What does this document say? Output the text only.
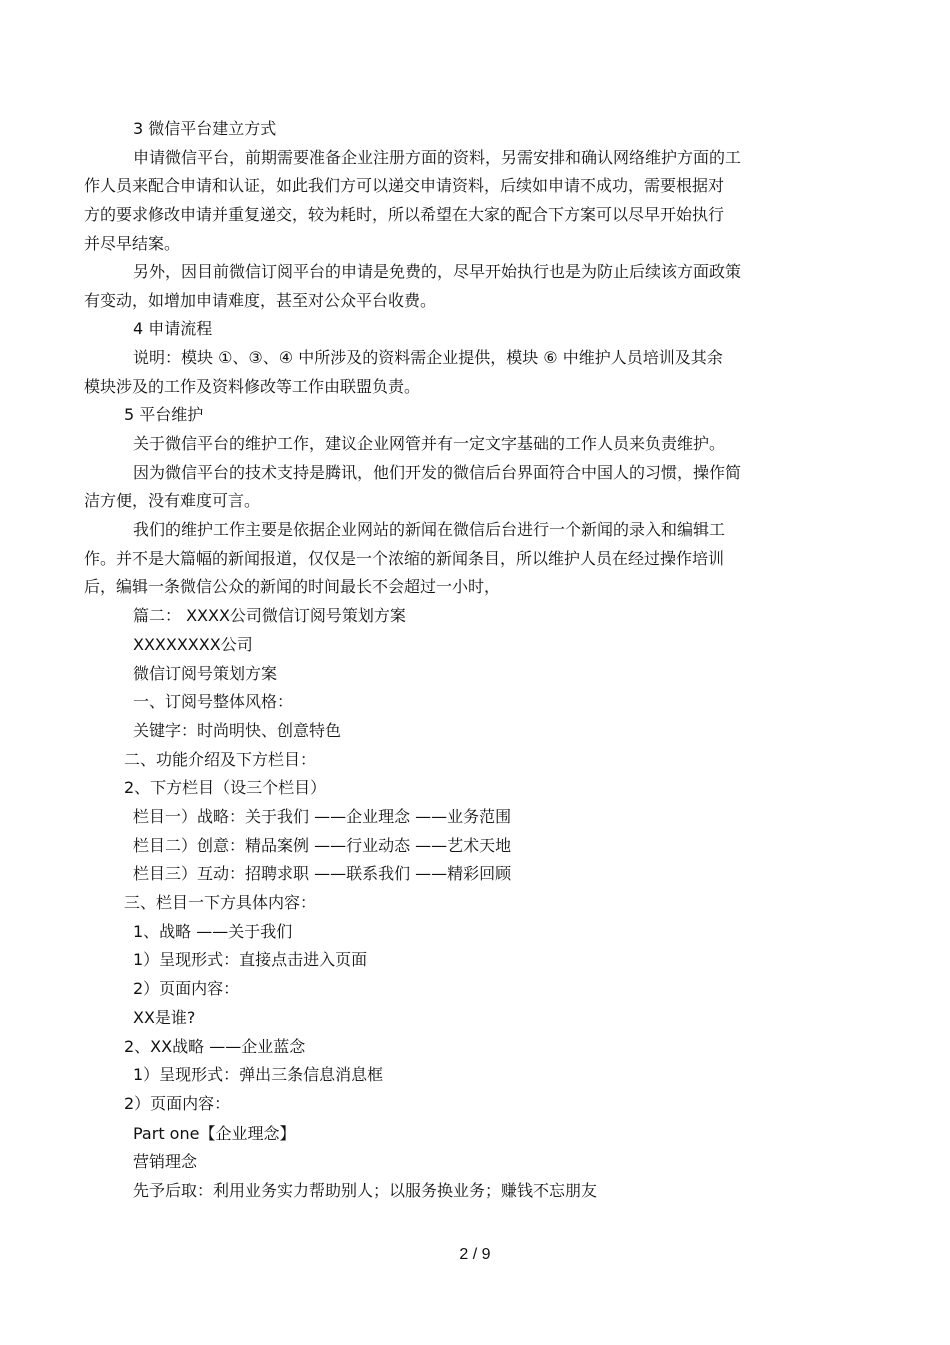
3 微信平台建立方式
申请微信平台，前期需要准备企业注册方面的资料，另需安排和确认网络维护方面的工
作人员来配合申请和认证，如此我们方可以递交申请资料，后续如申请不成功，需要根据对
方的要求修改申请并重复递交，较为耗时，所以希望在大家的配合下方案可以尽早开始执行
并尽早结案。
另外，因目前微信订阅平台的申请是免费的，尽早开始执行也是为防止后续该方面政策
有变动，如增加申请难度，甚至对公众平台收费。
4 申请流程
说明：模块 ①、③、④ 中所涉及的资料需企业提供，模块 ⑥ 中维护人员培训及其余
模块涉及的工作及资料修改等工作由联盟负责。
5 平台维护
关于微信平台的维护工作，建议企业网管并有一定文字基础的工作人员来负责维护。
因为微信平台的技术支持是腾讯，他们开发的微信后台界面符合中国人的习惯，操作简
洁方便，没有难度可言。
我们的维护工作主要是依据企业网站的新闻在微信后台进行一个新闻的录入和编辑工
作。并不是大篇幅的新闻报道，仅仅是一个浓缩的新闻条目，所以维护人员在经过操作培训
后，编辑一条微信公众的新闻的时间最长不会超过一小时，
篇二： XXXX公司微信订阅号策划方案
XXXXXXXX公司
微信订阅号策划方案
一、订阅号整体风格：
关键字：时尚明快、创意特色
二、功能介绍及下方栏目：
2、下方栏目（设三个栏目）
栏目一）战略：关于我们 ——企业理念 ——业务范围
栏目二）创意：精品案例 ——行业动态 ——艺术天地
栏目三）互动：招聘求职 ——联系我们 ——精彩回顾
三、栏目一下方具体内容：
1、战略 ——关于我们
1）呈现形式：直接点击进入页面
2）页面内容：
XX是谁?
2、XX战略 ——企业蓝念
1）呈现形式：弹出三条信息消息框
2）页面内容：
Part one【企业理念】
营销理念
先予后取：利用业务实力帮助别人；以服务换业务；赚钱不忘朋友
2 / 9
